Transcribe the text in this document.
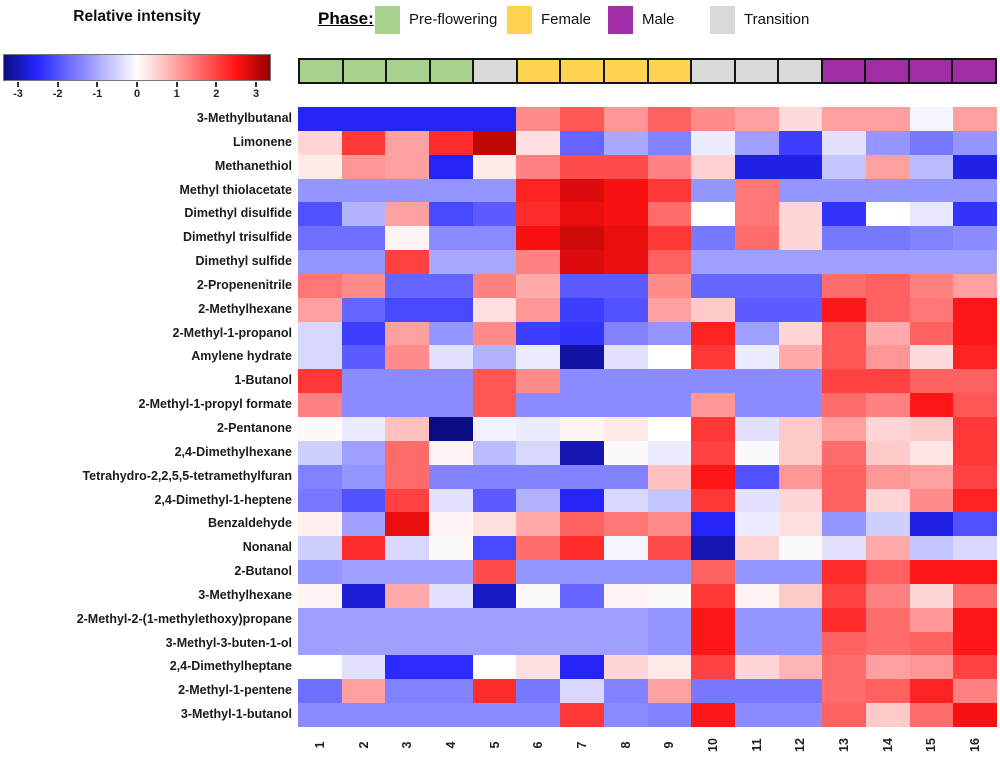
Relative intensity
-3	-2	-1	0	1	2	3
Phase: Pre-flowering	Female	Male	Transition
3-Methylbutanal
Limonene
Methanethiol
Methyl thiolacetate
Dimethyl disulfide
Dimethyl trisulfide
Dimethyl sulfide
2-Propenenitrile
2-Methylhexane
2-Methyl-1-propanol
Amylene hydrate
1-Butanol
2-Methyl-1-propyl formate
2-Pentanone
2,4-Dimethylhexane
Tetrahydro-2,2,5,5-tetramethylfuran
2,4-Dimethyl-1-heptene
Benzaldehyde
Nonanal
2-Butanol
3-Methylhexane
2-Methyl-2-(1-methylethoxy)propane
3-Methyl-3-buten-1-ol
2,4-Dimethylheptane
2-Methyl-1-pentene
3-Methyl-1-butanol
1 2 3 4 5 6 7 8 9 10 11 12 13 14 15 16
